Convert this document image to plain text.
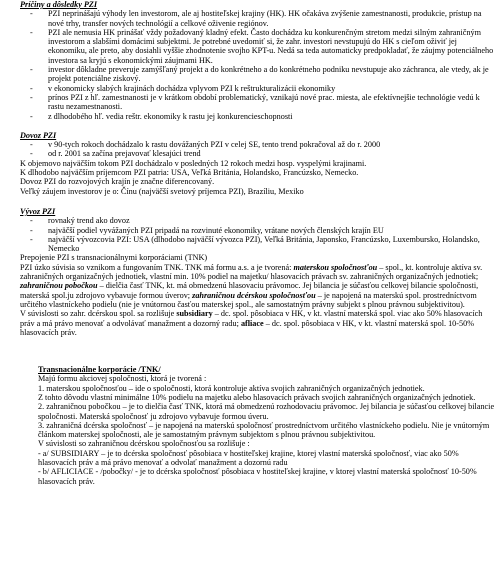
Príčiny a dôsledky PZI

- PZI neprinášajú výhody len investorom, ale aj hostiteľskej krajiny (HK). HK očakáva zvýšenie zamestnanosti, produkcie, prístup na nové trhy, transfer nových technológií a celkové oživenie regiónov.
- PZI ale nemusia HK prinášať vždy požadovaný kladný efekt. Často dochádza ku konkurenčným stretom medzi silným zahraničným investorom a slabšími domácimi subjektmi. Je potrebné uvedomiť si, že zahr. investori nevstupujú do HK s cieľom oživiť jej ekonomiku, ale preto, aby dosiahli vyššie zhodnotenie svojho KPT-u. Nedá sa teda automaticky predpokladať, že záujmy potenciálneho investora sa kryjú s ekonomickými záujmami HK.
- investor dôkladne preveruje zamýšľaný projekt a do konkrétneho a do konkrétneho podniku nevstupuje ako záchranca, ale vtedy, ak je projekt potenciálne ziskový.
- v ekonomicky slabých krajinách dochádza vplyvom PZI k reštrukturalizácii ekonomiky
- prínos PZI z hľ. zamestnanosti je v krátkom období problematický, vznikajú nové prac. miesta, ale efektívnejšie technológie vedú k rastu nezamestnanosti.
- z dlhodobého hľ. vedia reštr. ekonomiky k rastu jej konkurencieschopnosti

Dovoz PZI

- v 90-tych rokoch dochádzalo k rastu dovážaných PZI v celej SE, tento trend pokračoval až do r. 2000
- od r. 2001 sa začína prejavovať klesajúci trend

K objemovo najväčším tokom PZI dochádzalo v posledných 12 rokoch medzi hosp. vyspelými krajinami.

K dlhodobo najväčším príjemcom PZI patria: USA, Veľká Británia, Holandsko, Francúzsko, Nemecko.

Dovoz PZI do rozvojových krajín je značne diferencovaný.

Veľký záujem investorov je o: Čínu (najväčší svetový príjemca PZI), Brazíliu, Mexiko

Vývoz PZI

- rovnaký trend ako dovoz
- najväčší podiel vyvážaných PZI pripadá na rozvinuté ekonomiky, vrátane nových členských krajín EU
- najväčší vývozcovia PZI: USA (dlhodobo najväčší vývozca PZI), Veľká Británia, Japonsko, Francúzsko, Luxembursko, Holandsko, Nemecko

Prepojenie PZI s transnacionálnymi korporáciami (TNK)

PZI úzko súvisia so vznikom a fungovaním TNK. TNK má formu a.s. a je tvorená: materskou spoločnosťou – spol., kt. kontroluje aktíva sv. zahraničných organizačných jednotiek, vlastní min. 10% podiel na majetku/ hlasovacích právach sv. zahraničných organizačných jednotiek; zahraničnou pobočkou – dielčia časť TNK, kt. má obmedzenú hlasovaciu právomoc. Jej bilancia je súčasťou celkovej bilancie spoločnosti, materská spol.ju zdrojovo vybavuje formou úverov; zahraničnou dcérskou spoločnosťou – je napojená na materskú spol. prostredníctvom určitého vlastníckeho podielu (nie je vnútornou časťou materskej spol., ale samostatným právny subjekt s plnou právnou subjektivitou).

V súvislosti so zahr. dcérskou spol. sa rozlišuje subsidiary – dc. spol. pôsobiaca v HK, v kt. vlastní materská spol. viac ako 50% hlasovacích práv a má právo menovať a odvolávať manažment a dozorný radu; afliace – dc. spol. pôsobiaca v HK, v kt. vlastní materská spol. 10-50% hlasovacích práv.

Transnacionálne korporácie /TNK/

Majú formu akciovej spoločnosti, ktorá je tvorená :

1. materskou spoločnosťou – ide o spoločnosti, ktorá kontroluje aktíva svojich zahraničných organizačných jednotiek.

Z tohto dôvodu vlastní minimálne 10% podielu na majetku alebo hlasovacích právach svojich zahraničných organizačných jednotiek.

2. zahraničnou pobočkou – je to dielčia časť TNK, ktorá má obmedzenú rozhodovaciu právomoc. Jej bilancia je súčasťou celkovej bilancie spoločnosti. Materská spoločnosť ju zdrojovo vybavuje formou úveru.

3. zahraničná dcérska spoločnosť – je napojená na materskú spoločnosť prostredníctvom určitého vlastníckeho podielu. Nie je vnútorným článkom materskej spoločnosti, ale je samostatným právnym subjektom s plnou právnou subjektivitou.

V súvislosti so zahraničnou dcérskou spoločnosťou sa rozlišuje :

- a/ SUBSIDIARY – je to dcérska spoločnosť pôsobiaca v hostiteľskej krajine, ktorej vlastní materská spoločnosť, viac ako 50% hlasovacích práv a má právo menovať a odvolať manažment a dozornú radu

- b/ AFLICIACE - /pobočky/ - je to dcérska spoločnosť pôsobiaca v hostiteľskej krajine, v ktorej vlastní materská spoločnosť 10-50% hlasovacích práv.
